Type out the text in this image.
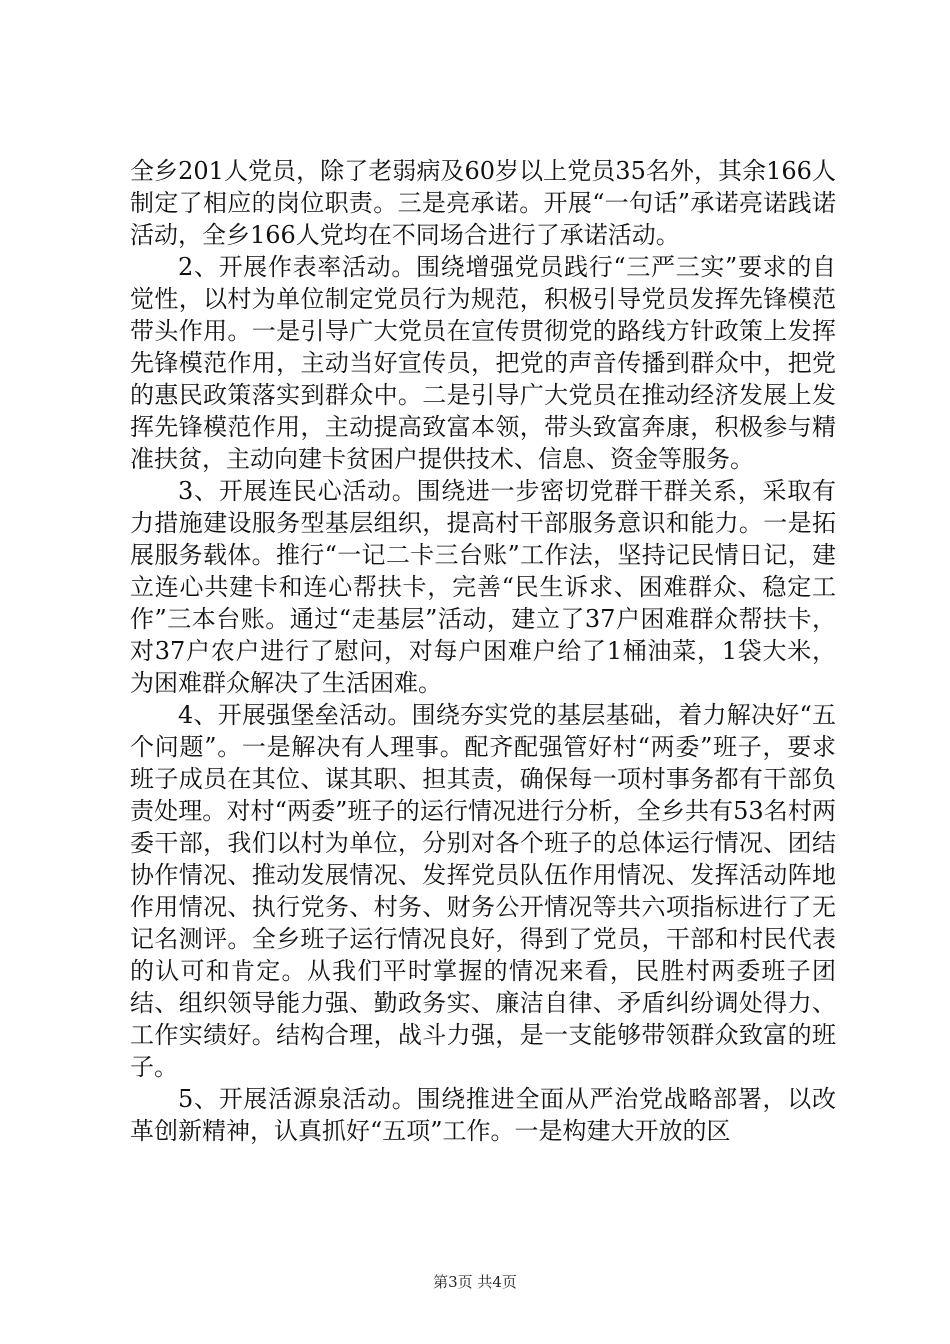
全乡201人党员，除了老弱病及60岁以上党员35名外，其余166人制定了相应的岗位职责。三是亮承诺。开展“一句话”承诺亮诺践诺活动，全乡166人党均在不同场合进行了承诺活动。

2、开展作表率活动。围绕增强党员践行“三严三实”要求的自觉性，以村为单位制定党员行为规范，积极引导党员发挥先锋模范带头作用。一是引导广大党员在宣传贯彻党的路线方针政策上发挥先锋模范作用，主动当好宣传员，把党的声音传播到群众中，把党的惠民政策落实到群众中。二是引导广大党员在推动经济发展上发挥先锋模范作用，主动提高致富本领，带头致富奔康，积极参与精准扶贫，主动向建卡贫困户提供技术、信息、资金等服务。

3、开展连民心活动。围绕进一步密切党群干群关系，采取有力措施建设服务型基层组织，提高村干部服务意识和能力。一是拓展服务载体。推行“一记二卡三台账”工作法，坚持记民情日记，建立连心共建卡和连心帮扶卡，完善“民生诉求、困难群众、稳定工作”三本台账。通过“走基层”活动，建立了37户困难群众帮扶卡，对37户农户进行了慰问，对每户困难户给了1桶油菜，1袋大米，为困难群众解决了生活困难。

4、开展强堡垒活动。围绕夯实党的基层基础，着力解决好“五个问题”。一是解决有人理事。配齐配强管好村“两委”班子，要求班子成员在其位、谋其职、担其责，确保每一项村事务都有干部负责处理。对村“两委”班子的运行情况进行分析，全乡共有53名村两委干部，我们以村为单位，分别对各个班子的总体运行情况、团结协作情况、推动发展情况、发挥党员队伍作用情况、发挥活动阵地作用情况、执行党务、村务、财务公开情况等共六项指标进行了无记名测评。全乡班子运行情况良好，得到了党员，干部和村民代表的认可和肯定。从我们平时掌握的情况来看，民胜村两委班子团结、组织领导能力强、勤政务实、廉洁自律、矛盾纠纷调处得力、工作实绩好。结构合理，战斗力强，是一支能够带领群众致富的班子。

5、开展活源泉活动。围绕推进全面从严治党战略部署，以改革创新精神，认真抓好“五项”工作。一是构建大开放的区

第3页 共4页
